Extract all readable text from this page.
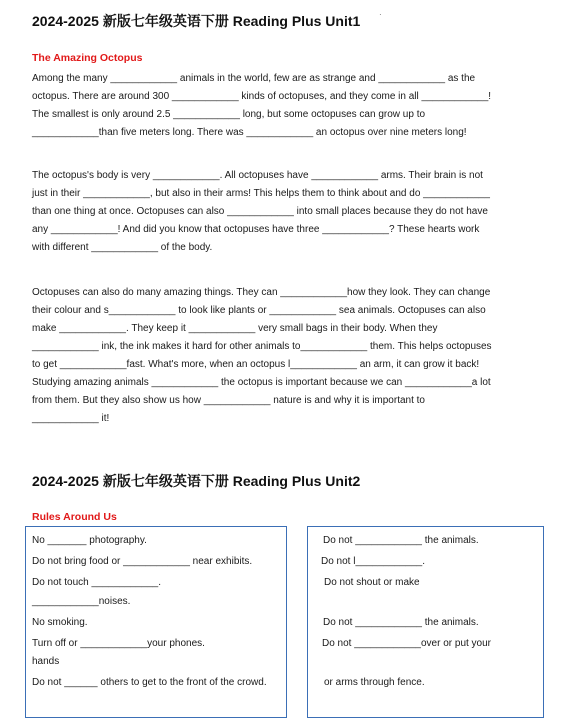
2024-2025 新版七年级英语下册 Reading Plus Unit1 ·
The Amazing Octopus
Among the many ____________ animals in the world, few are as strange and ____________ as the
octopus. There are around 300 ____________ kinds of octopuses, and they come in all ____________!
The smallest is only around 2.5 ____________ long, but some octopuses can grow up to
____________than five meters long. There was ____________ an octopus over nine meters long!
The octopus's body is very ____________. All octopuses have ____________ arms. Their brain is not
just in their ____________, but also in their arms! This helps them to think about and do ____________
than one thing at once. Octopuses can also ____________ into small places because they do not have
any ____________! And did you know that octopuses have three ____________? These hearts work
with different ____________ of the body.
Octopuses can also do many amazing things. They can ____________how they look. They can change
their colour and s____________ to look like plants or ____________ sea animals. Octopuses can also
make ____________. They keep it ____________ very small bags in their body. When they
____________ ink, the ink makes it hard for other animals to____________ them. This helps octopuses
to get ____________fast. What's more, when an octopus l____________ an arm, it can grow it back!
Studying amazing animals ____________ the octopus is important because we can ____________a lot
from them. But they also show us how ____________ nature is and why it is important to
____________ it!
2024-2025 新版七年级英语下册 Reading Plus Unit2
Rules Around Us
No _______ photography.
Do not bring food or ____________ near exhibits.
Do not touch ____________.
____________noises.
No smoking.
Turn off or ____________your phones.
hands
Do not ______ others to get to the front of the crowd.
Do not ____________ the animals.
Do not l____________.
Do not shout or make
Do not ____________ the animals.
Do not ____________over or put your
or arms through fence.
